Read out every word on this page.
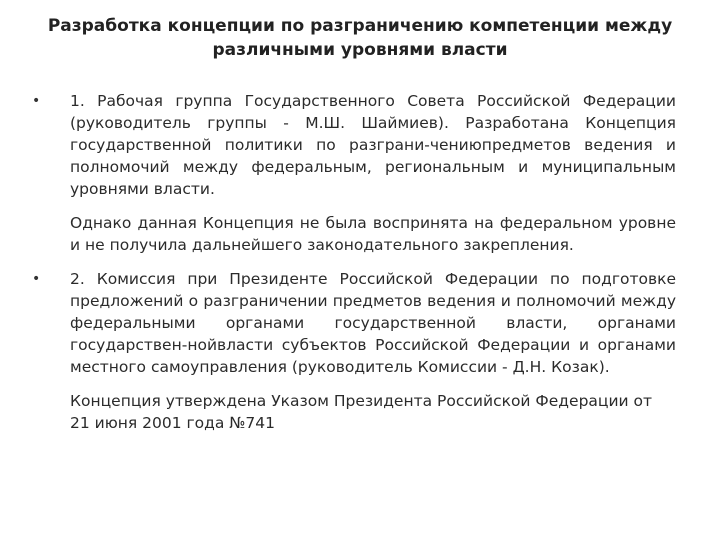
Разработка концепции по разграничению компетенции между
различными уровнями власти
• 1. Рабочая группа Государственного Совета Российской Федерации (руководитель группы - М.Ш. Шаймиев). Разработана Концепция государственной политики по разграни-чениюпредметов ведения и полномочий между федеральным, региональным и муниципальным уровнями власти.
Однако данная Концепция не была воспринята на федеральном уровне и не получила дальнейшего законодательного закрепления.
• 2. Комиссия при Президенте Российской Федерации по подготовке предложений о разграничении предметов ведения и полномочий между федеральными органами государственной власти, органами государствен-нойвласти субъектов Российской Федерации и органами местного самоуправления (руководитель Комиссии - Д.Н. Козак).
Концепция утверждена Указом Президента Российской Федерации от 21 июня 2001 года №741
